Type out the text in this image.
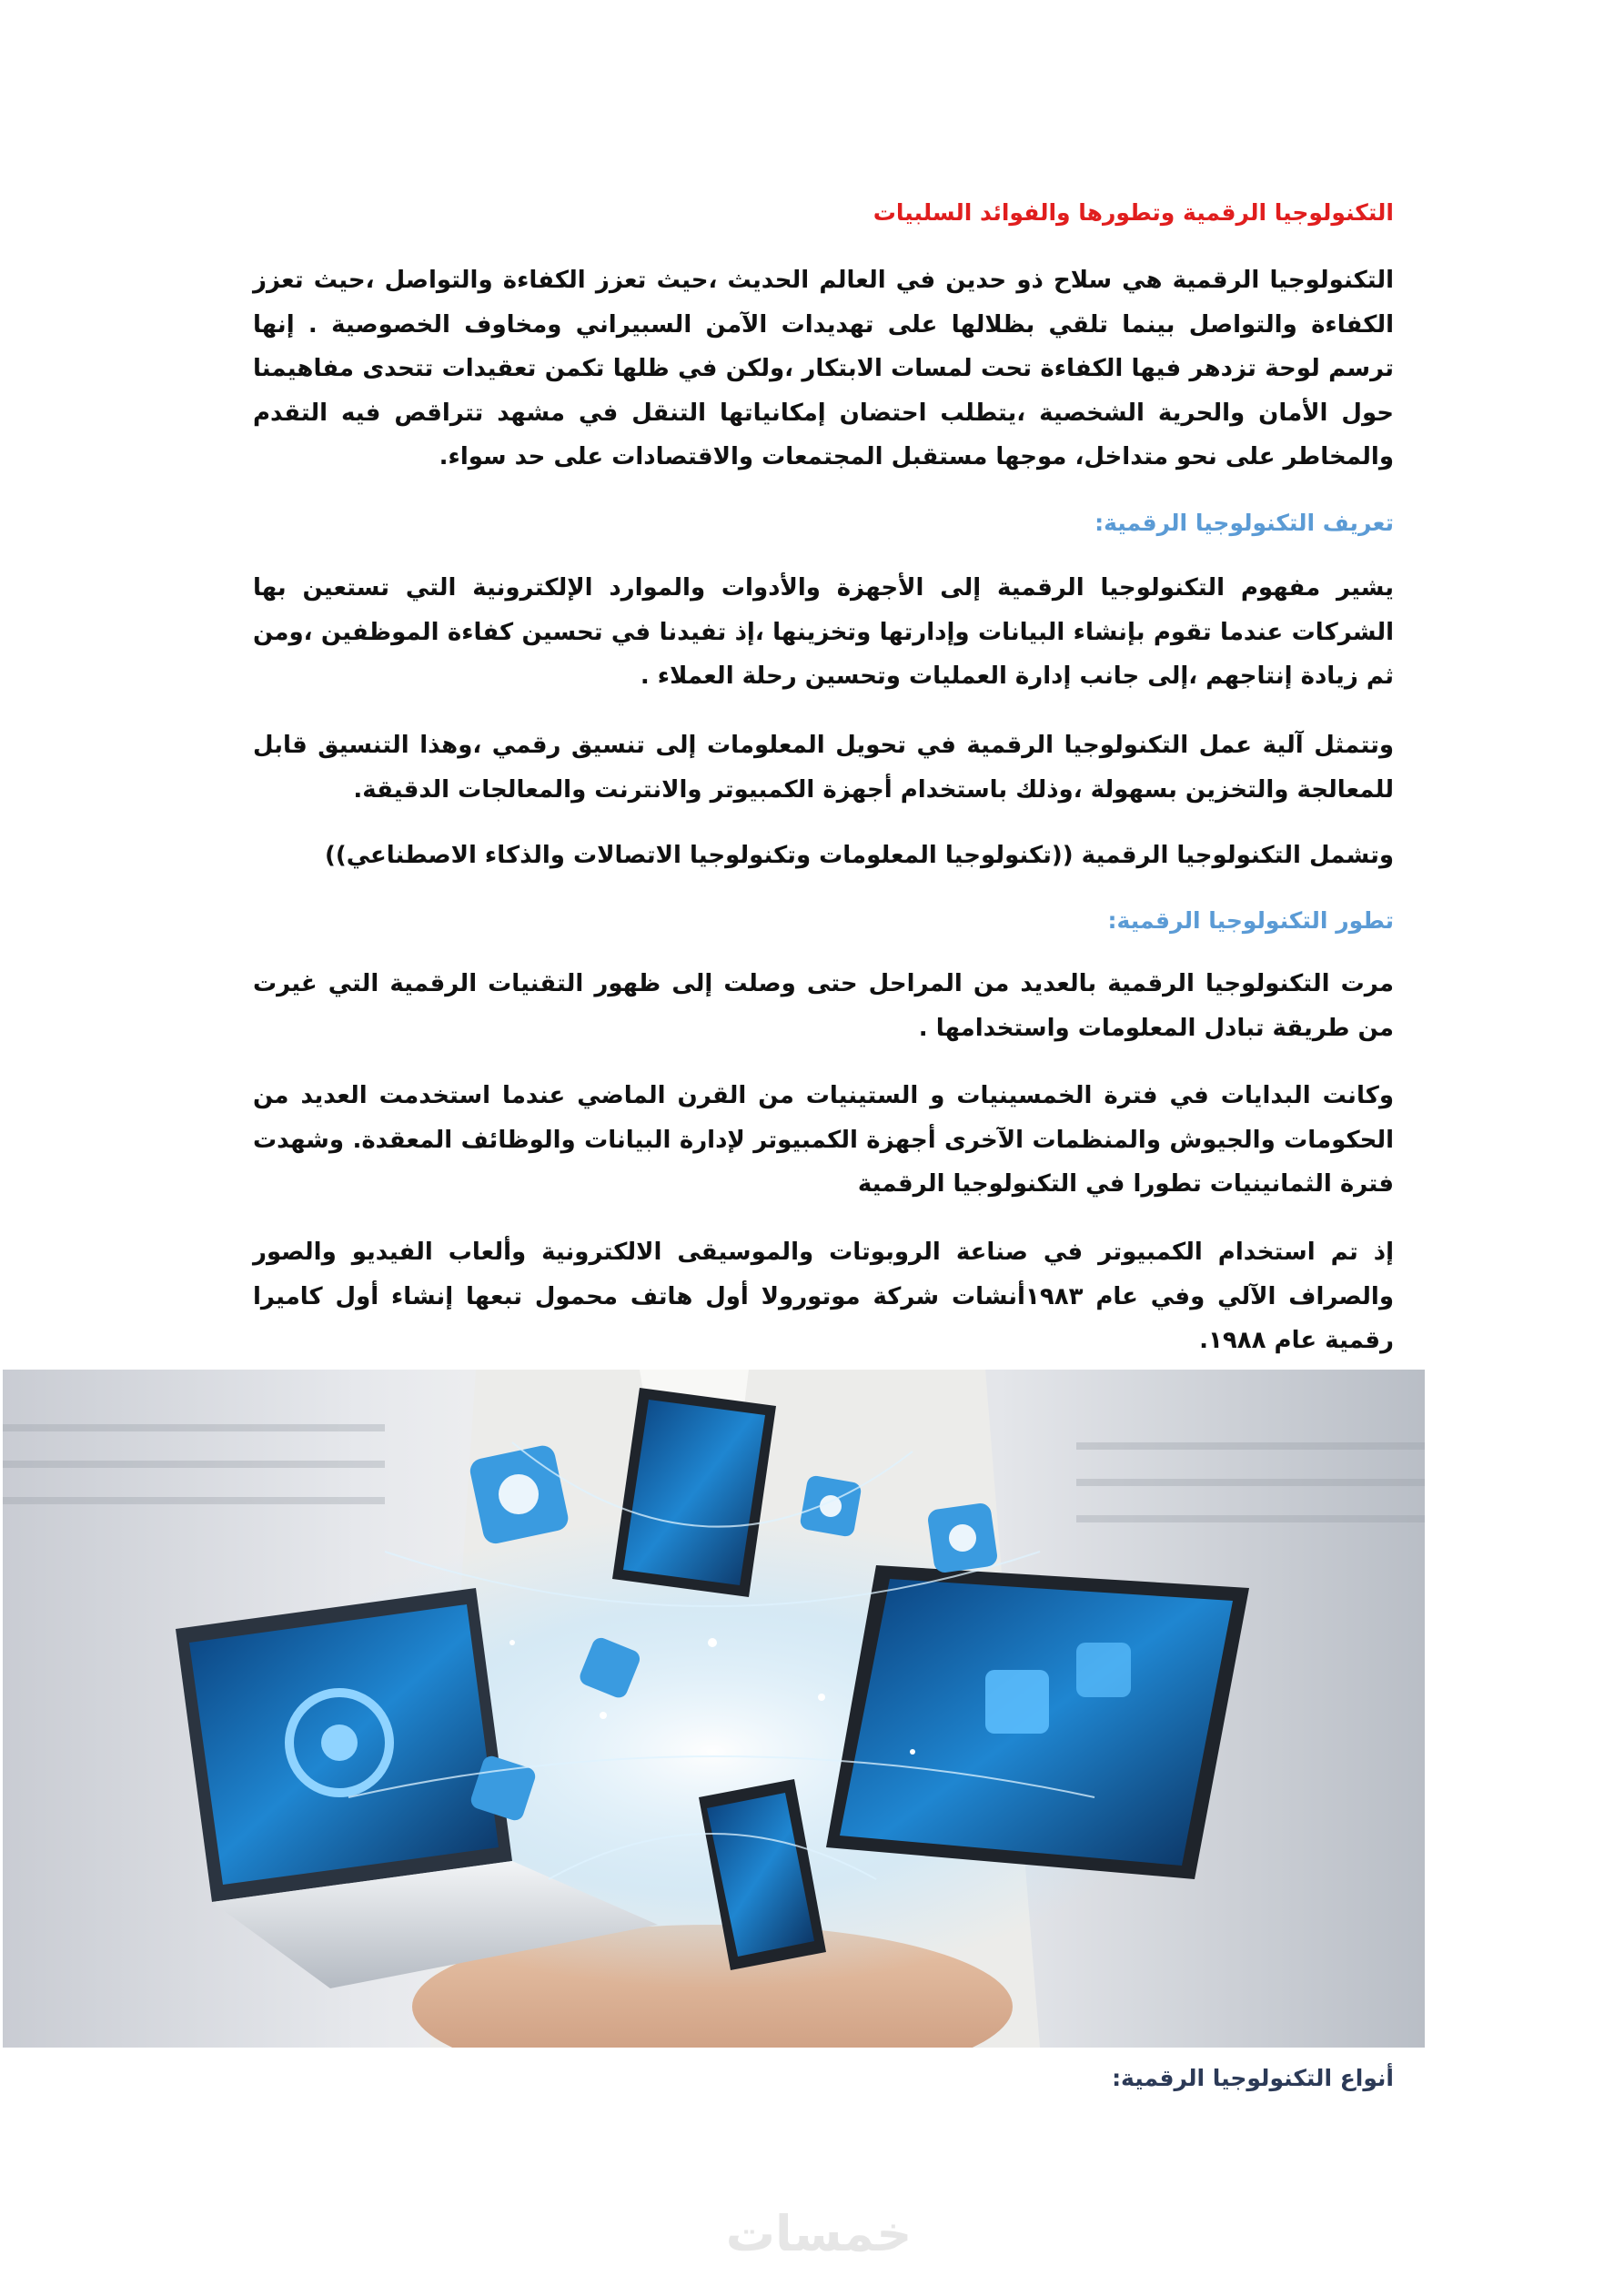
التكنولوجيا الرقمية وتطورها والفوائد السلبيات

التكنولوجيا الرقمية هي سلاح ذو حدين في العالم الحديث ،حيث تعزز الكفاءة والتواصل ،حيث تعزز الكفاءة والتواصل بينما تلقي بظلالها على تهديدات الآمن السبيراني ومخاوف الخصوصية . إنها ترسم لوحة تزدهر فيها الكفاءة تحت لمسات الابتكار ،ولكن في ظلها تكمن تعقيدات تتحدى مفاهيمنا حول الأمان والحرية الشخصية ،يتطلب احتضان إمكانياتها التنقل في مشهد تتراقص فيه التقدم والمخاطر على نحو متداخل، موجها مستقبل المجتمعات والاقتصادات على حد سواء.

تعريف التكنولوجيا الرقمية:

يشير مفهوم التكنولوجيا الرقمية إلى الأجهزة والأدوات والموارد الإلكترونية التي تستعين بها الشركات عندما تقوم بإنشاء البيانات وإدارتها وتخزينها ،إذ تفيدنا في تحسين كفاءة الموظفين ،ومن ثم زيادة إنتاجهم ،إلى جانب إدارة العمليات وتحسين رحلة العملاء .

وتتمثل آلية عمل التكنولوجيا الرقمية في تحويل المعلومات إلى تنسيق رقمي ،وهذا التنسيق قابل للمعالجة والتخزين بسهولة ،وذلك باستخدام أجهزة الكمبيوتر والانترنت والمعالجات الدقيقة.

وتشمل التكنولوجيا الرقمية ((تكنولوجيا المعلومات وتكنولوجيا الاتصالات والذكاء الاصطناعي))

تطور التكنولوجيا الرقمية:

مرت التكنولوجيا الرقمية بالعديد من المراحل حتى وصلت إلى ظهور التقنيات الرقمية التي غيرت من طريقة تبادل المعلومات واستخدامها .

وكانت البدايات في فترة الخمسينيات و الستينيات من القرن الماضي عندما استخدمت العديد من الحكومات والجيوش والمنظمات الآخرى أجهزة الكمبيوتر لإدارة البيانات والوظائف المعقدة. وشهدت فترة الثمانينيات تطورا في التكنولوجيا الرقمية

إذ تم استخدام الكمبيوتر في صناعة الروبوتات والموسيقى الالكترونية وألعاب الفيديو والصور والصراف الآلي وفي عام ١٩٨٣أنشات شركة موتورولا أول هاتف محمول تبعها إنشاء أول كاميرا رقمية عام ١٩٨٨.

أنواع التكنولوجيا الرقمية:
خمسات
